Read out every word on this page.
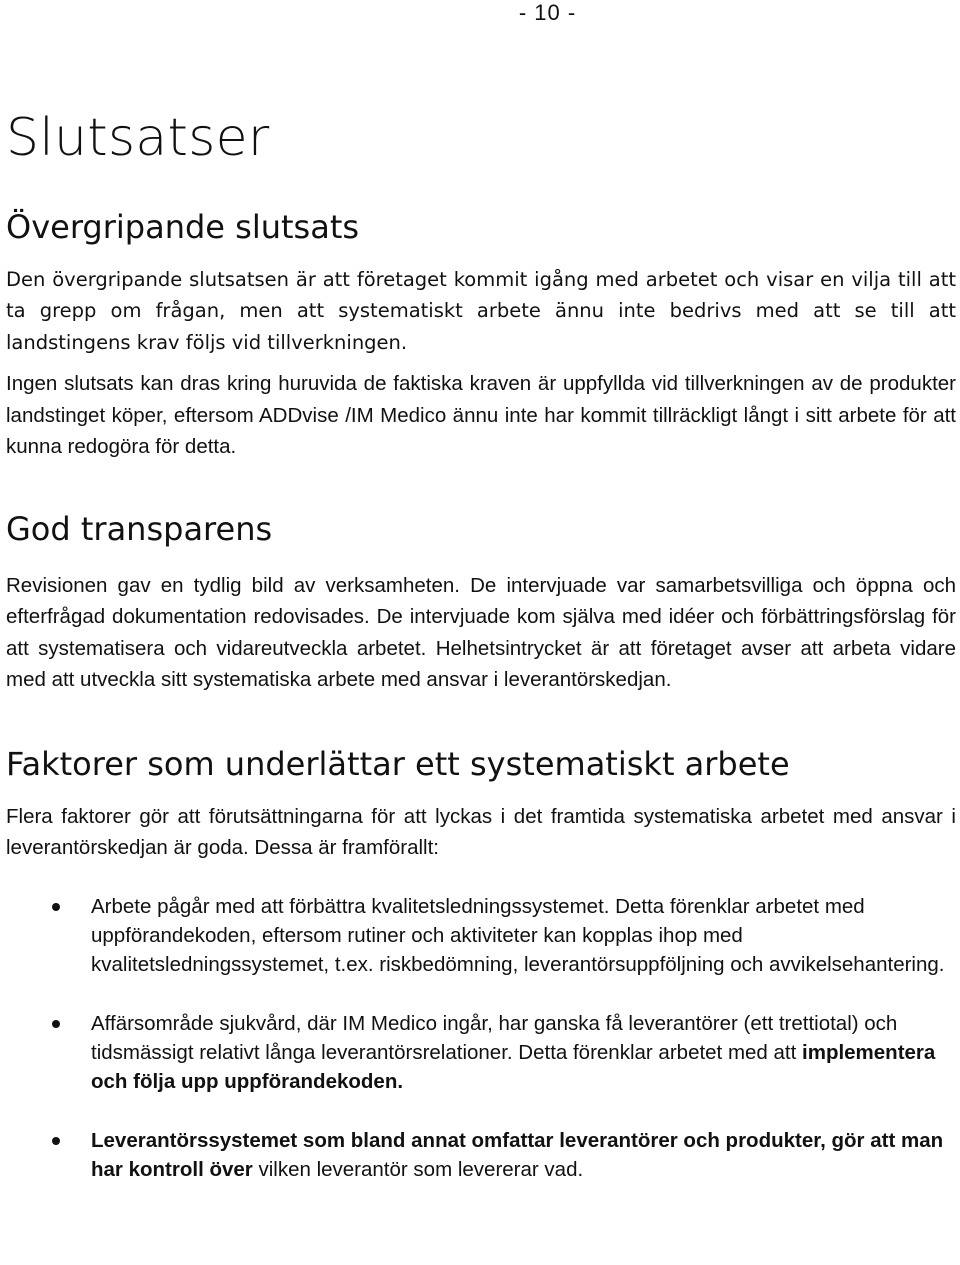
- 10 -
Slutsatser
Övergripande slutsats

Den övergripande slutsatsen är att företaget kommit igång med arbetet och visar en vilja till att ta grepp om frågan, men att systematiskt arbete ännu inte bedrivs med att se till att landstingens krav följs vid tillverkningen.

Ingen slutsats kan dras kring huruvida de faktiska kraven är uppfyllda vid tillverkningen av de produkter landstinget köper, eftersom ADDvise /IM Medico ännu inte har kommit tillräckligt långt i sitt arbete för att kunna redogöra för detta.

God transparens

Revisionen gav en tydlig bild av verksamheten. De intervjuade var samarbetsvilliga och öppna och efterfrågad dokumentation redovisades. De intervjuade kom själva med idéer och förbättringsförslag för att systematisera och vidareutveckla arbetet. Helhetsintrycket är att företaget avser att arbeta vidare med att utveckla sitt systematiska arbete med ansvar i leverantörskedjan.

Faktorer som underlättar ett systematiskt arbete

Flera faktorer gör att förutsättningarna för att lyckas i det framtida systematiska arbetet med ansvar i leverantörskedjan är goda. Dessa är framförallt:

Arbete pågår med att förbättra kvalitetsledningssystemet. Detta förenklar arbetet med uppförandekoden, eftersom rutiner och aktiviteter kan kopplas ihop med kvalitetsledningssystemet, t.ex. riskbedömning, leverantörsuppföljning och avvikelsehantering.
Affärsområde sjukvård, där IM Medico ingår, har ganska få leverantörer (ett trettiotal) och tidsmässigt relativt långa leverantörsrelationer. Detta förenklar arbetet med att implementera och följa upp uppförandekoden.
Leverantörssystemet som bland annat omfattar leverantörer och produkter, gör att man har kontroll över vilken leverantör som levererar vad.
